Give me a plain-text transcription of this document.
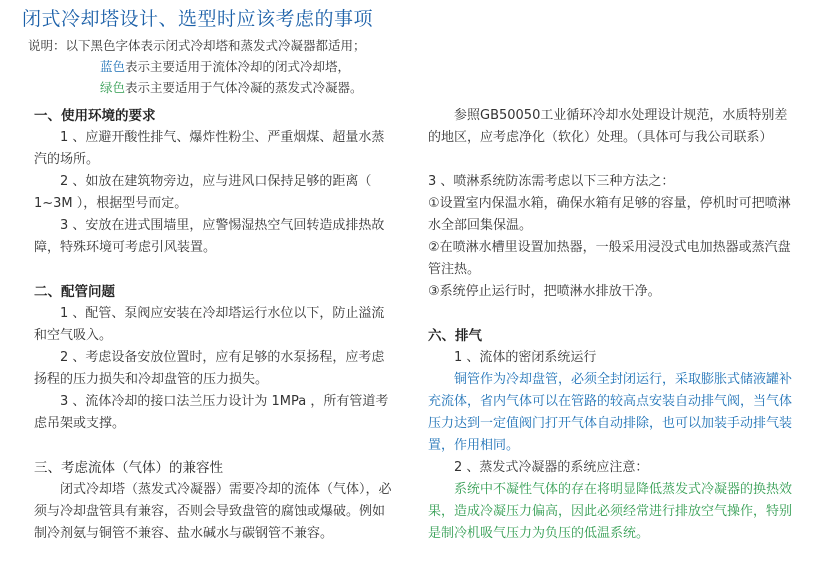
闭式冷却塔设计、选型时应该考虑的事项
说明：以下黑色字体表示闭式冷却塔和蒸发式冷凝器都适用；
蓝色表示主要适用于流体冷却的闭式冷却塔，
绿色表示主要适用于气体冷凝的蒸发式冷凝器。
一、使用环境的要求

1 、应避开酸性排气、爆炸性粉尘、严重烟煤、超量水蒸汽的场所。

2 、如放在建筑物旁边，应与进风口保持足够的距离（ 1~3M ），根据型号而定。

3 、安放在进式围墙里，应警惕湿热空气回转造成排热故障，特殊环境可考虑引风装置。

二、配管问题

1 、配管、泵阀应安装在冷却塔运行水位以下，防止溢流和空气吸入。

2 、考虑设备安放位置时，应有足够的水泵扬程，应考虑扬程的压力损失和冷却盘管的压力损失。

3 、流体冷却的接口法兰压力设计为 1MPa ，所有管道考虑吊架或支撑。

三、考虑流体（气体）的兼容性

闭式冷却塔（蒸发式冷凝器）需要冷却的流体（气体），必须与冷却盘管具有兼容，否则会导致盘管的腐蚀或爆破。例如制冷剂氨与铜管不兼容、盐水碱水与碳钢管不兼容。

参照GB50050工业循环冷却水处理设计规范，水质特别差的地区，应考虑净化（软化）处理。（具体可与我公司联系）

3 、喷淋系统防冻需考虑以下三种方法之：

①设置室内保温水箱，确保水箱有足够的容量，停机时可把喷淋水全部回集保温。

②在喷淋水槽里设置加热器，一般采用浸没式电加热器或蒸汽盘管注热。

③系统停止运行时，把喷淋水排放干净。

六、排气

1 、流体的密闭系统运行

铜管作为冷却盘管，必须全封闭运行，采取膨胀式储液罐补充流体，省内气体可以在管路的较高点安装自动排气阀，当气体压力达到一定值阀门打开气体自动排除，也可以加装手动排气装置，作用相同。

2 、蒸发式冷凝器的系统应注意：

系统中不凝性气体的存在将明显降低蒸发式冷凝器的换热效果，造成冷凝压力偏高，因此必须经常进行排放空气操作，特别是制冷机吸气压力为负压的低温系统。
